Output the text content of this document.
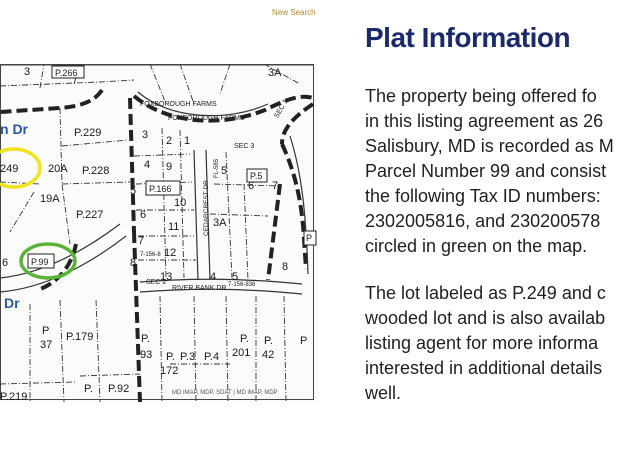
New Search
3	P.266	3A
P.229
249	20A P.228
19A
P.227
6	P.99
3 2 1
4 9	5
P.166
5	6 7
P.5
6
10
11	3A
7
12
P
8	8
13	4 5
P
37
P.179	P.
93 P.
172
P.3 P.4
P.
201
P.
42
P. P.92
P.219
P
FOXBOROUGH FARMS
FOXBOROUGH FARMS
SEC 3
SEC 1
SEC 2
RIVER BANK DR
CEDARCREST DR
7-156-836
7-156-8
FL-585
n Dr
Dr
MD IMAP, MDP, SDAT | MD iMAP, MDP
Plat Information
The property being offered fo
in this listing agreement as 26
Salisbury, MD is recorded as M
Parcel Number 99 and consist
the following Tax ID numbers:
2302005816, and 230200578
circled in green on the map.
The lot labeled as P.249 and c
wooded lot and is also availab
listing agent for more informa
interested in additional details
well.
